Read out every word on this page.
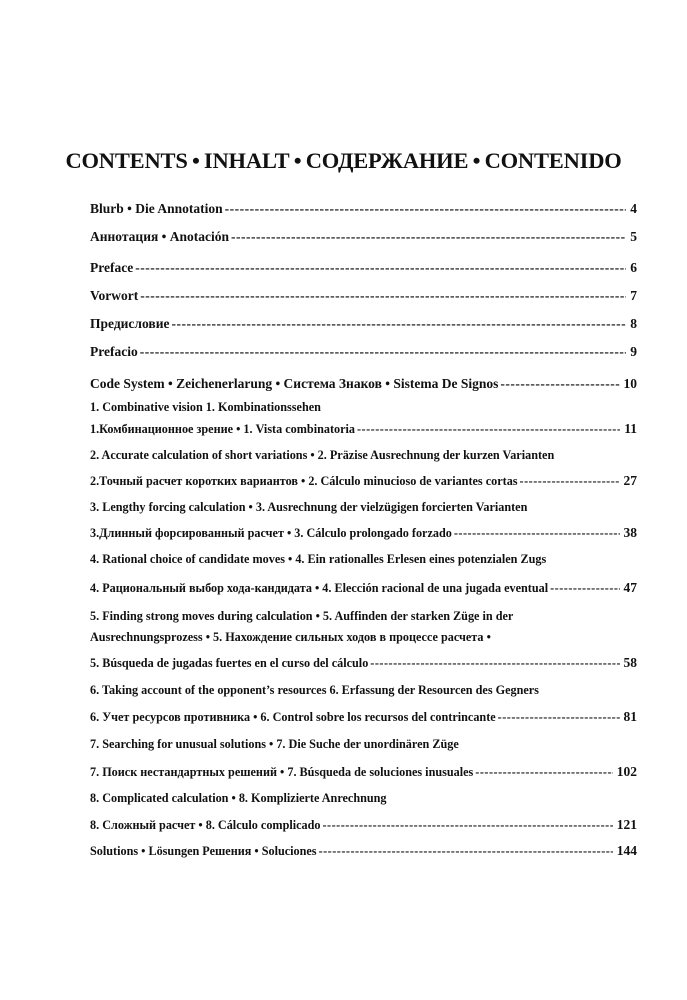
CONTENTS • INHALT • СОДЕРЖАНИЕ • CONTENIDO
Blurb • Die Annotation -----	4
Аннотация • Anotación -----	5
Preface -----	6
Vorwort -----	7
Предисловие -----	8
Prefacio -----	9
Code System • Zeichenerlarung • Система Знаков • Sistema De Signos -----	10
1. Combinative vision 1. Kombinationssehen
1.Комбинационное зрение • 1. Vista combinatoria -----	11
2. Accurate calculation of short variations • 2. Präzise Ausrechnung der kurzen Varianten
2.Точный расчет коротких вариантов • 2. Cálculo minucioso de variantes cortas -----	27
3. Lengthy forcing calculation • 3. Ausrechnung der vielzügigen forcierten Varianten
3.Длинный форсированный расчет • 3. Cálculo prolongado forzado -----	38
4. Rational choice of candidate moves • 4. Ein rationalles Erlesen eines potenzialen Zugs
4. Рациональный выбор хода-кандидата • 4. Elección racional de una jugada eventual -----	47
5. Finding strong moves during calculation • 5. Auffinden der starken Züge in der
Ausrechnungsprozess • 5. Нахождение сильных ходов в процессе расчета •
5. Búsqueda de jugadas fuertes en el curso del cálculo -----	58
6. Taking account of the opponent’s resources 6. Erfassung der Resourcen des Gegners
6. Учет ресурсов противника • 6. Control sobre los recursos del contrincante -----	81
7. Searching for unusual solutions • 7. Die Suche der unordinären Züge
7. Поиск нестандартных решений • 7. Búsqueda de soluciones inusuales -----	102
8. Complicated calculation • 8. Komplizierte Anrechnung
8. Сложный расчет • 8. Cálculo complicado -----	121
Solutions • Lösungen Решения • Soluciones -----	144
